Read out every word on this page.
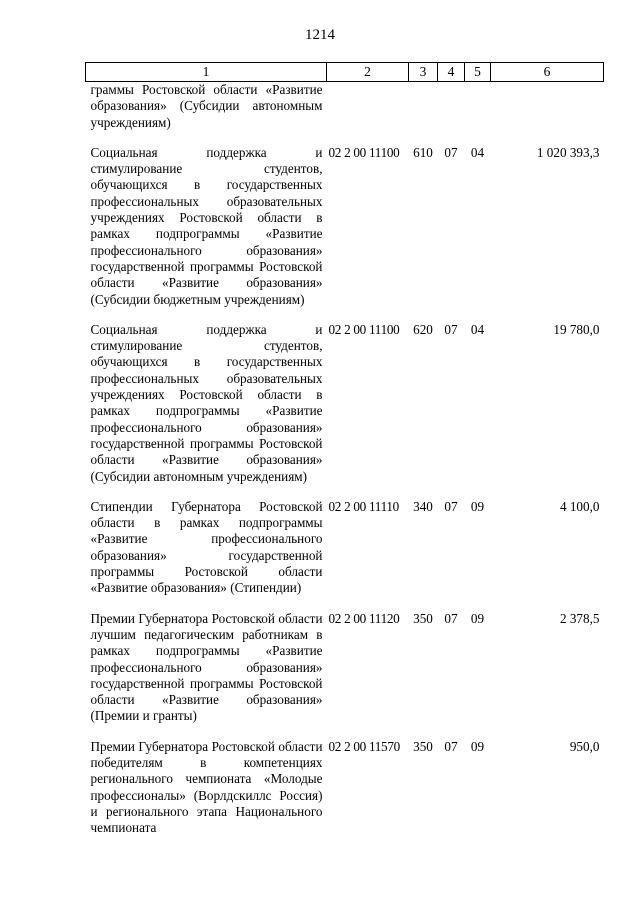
1214
1	2	3	4	5	6
граммы Ростовской области «Развитие образования» (Субсидии автономным учреждениям)					

Социальная поддержка и стимулирование студентов, обучающихся в государственных профессиональных образовательных учреждениях Ростовской области в рамках подпрограммы «Развитие профессионального образования» государственной программы Ростовской области «Развитие образования» (Субсидии бюджетным учреждениям)	02 2 00 11100	610	07	04	1 020 393,3

Социальная поддержка и стимулирование студентов, обучающихся в государственных профессиональных образовательных учреждениях Ростовской области в рамках подпрограммы «Развитие профессионального образования» государственной программы Ростовской области «Развитие образования» (Субсидии автономным учреждениям)	02 2 00 11100	620	07	04	19 780,0

Стипендии Губернатора Ростовской области в рамках подпрограммы «Развитие профессионального образования» государственной программы Ростовской области «Развитие образования» (Стипендии)	02 2 00 11110	340	07	09	4 100,0

Премии Губернатора Ростовской области лучшим педагогическим работникам в рамках подпрограммы «Развитие профессионального образования» государственной программы Ростовской области «Развитие образования» (Премии и гранты)	02 2 00 11120	350	07	09	2 378,5

Премии Губернатора Ростовской области победителям в компетенциях регионального чемпионата «Молодые профессионалы» (Ворлдскиллс Россия) и регионального этапа Национального чемпионата	02 2 00 11570	350	07	09	950,0
